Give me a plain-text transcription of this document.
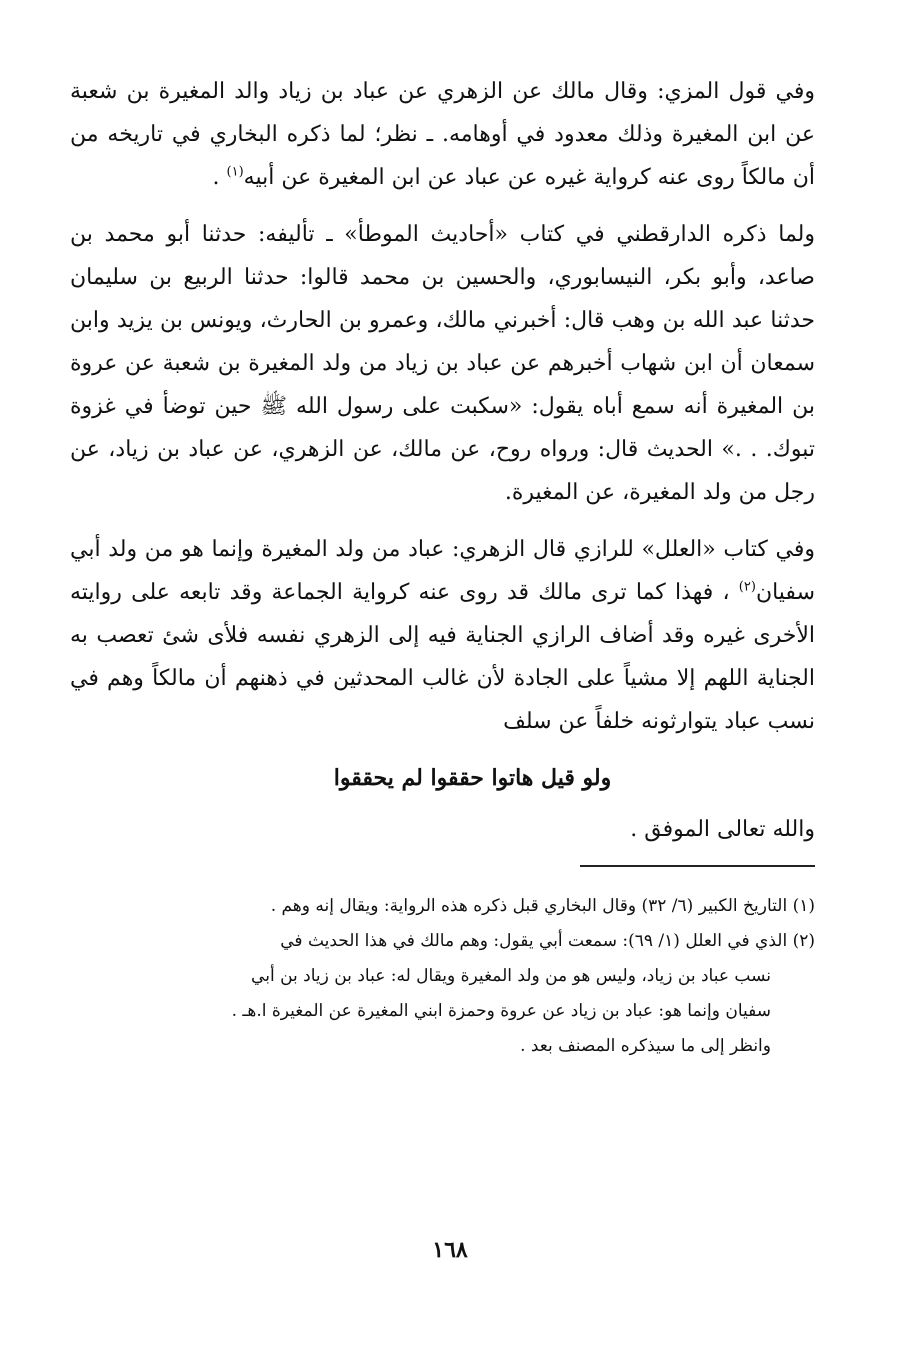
وفي قول المزي: وقال مالك عن الزهري عن عباد بن زياد والد المغيرة بن شعبة عن ابن المغيرة وذلك معدود في أوهامه. ـ نظر؛ لما ذكره البخاري في تاريخه من أن مالكاً روى عنه كرواية غيره عن عباد عن ابن المغيرة عن أبيه$^{(١)}$ .

ولما ذكره الدارقطني في كتاب «أحاديث الموطأ» ـ تأليفه: حدثنا أبو محمد بن صاعد، وأبو بكر، النيسابوري، والحسين بن محمد قالوا: حدثنا الربيع بن سليمان حدثنا عبد الله بن وهب قال: أخبرني مالك، وعمرو بن الحارث، ويونس بن يزيد وابن سمعان أن ابن شهاب أخبرهم عن عباد بن زياد من ولد المغيرة بن شعبة عن عروة بن المغيرة أنه سمع أباه يقول: «سكبت على رسول الله ﷺ حين توضأ في غزوة تبوك. . .» الحديث قال: ورواه روح، عن مالك، عن الزهري، عن عباد بن زياد، عن رجل من ولد المغيرة، عن المغيرة.

وفي كتاب «العلل» للرازي قال الزهري: عباد من ولد المغيرة وإنما هو من ولد أبي سفيان$^{(٢)}$ ، فهذا كما ترى مالك قد روى عنه كرواية الجماعة وقد تابعه على روايته الأخرى غيره وقد أضاف الرازي الجناية فيه إلى الزهري نفسه فلأى شئ تعصب به الجناية اللهم إلا مشياً على الجادة لأن غالب المحدثين في ذهنهم أن مالكاً وهم في نسب عباد يتوارثونه خلفاً عن سلف

ولو قيل هاتوا حققوا لم يحققوا

والله تعالى الموفق .

(١) التاريخ الكبير (٦/ ٣٢) وقال البخاري قبل ذكره هذه الرواية: ويقال إنه وهم .

(٢) الذي في العلل (١/ ٦٩): سمعت أبي يقول: وهم مالك في هذا الحديث في

نسب عباد بن زياد، وليس هو من ولد المغيرة ويقال له: عباد بن زياد بن أبي

سفيان وإنما هو: عباد بن زياد عن عروة وحمزة ابني المغيرة عن المغيرة ا.هـ .

وانظر إلى ما سيذكره المصنف بعد .

١٦٨
